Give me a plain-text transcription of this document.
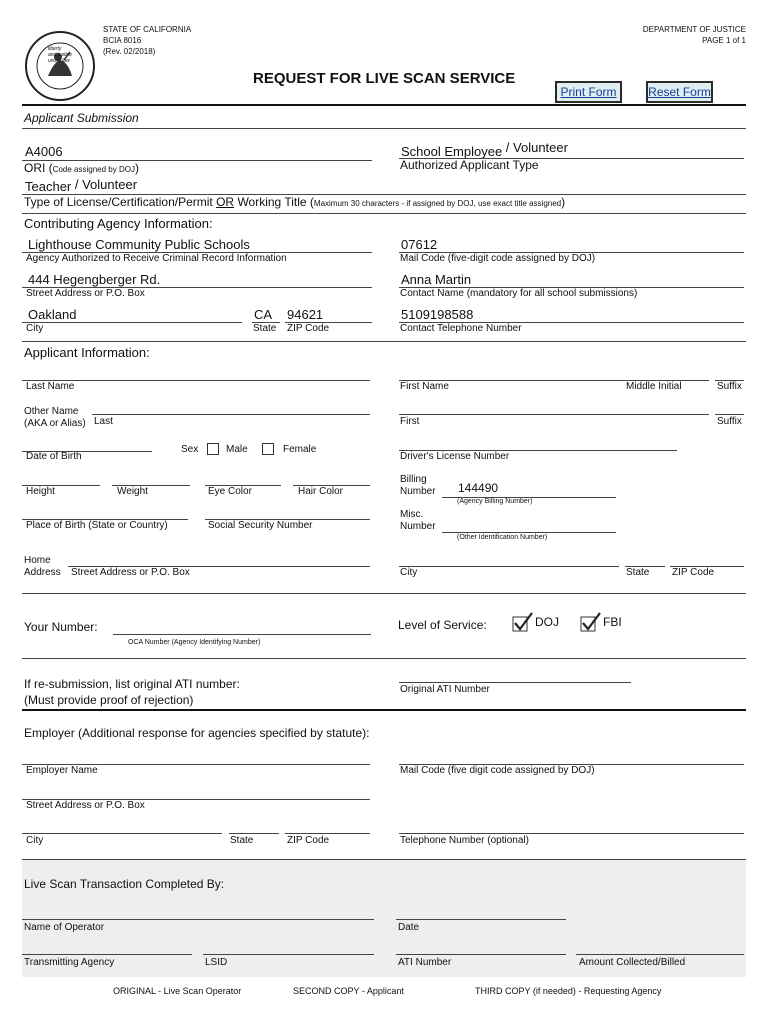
liberty
and justice
under law
STATE OF CALIFORNIA
BCIA 8016
(Rev. 02/2018)
DEPARTMENT OF JUSTICE
PAGE 1 of 1
REQUEST FOR LIVE SCAN SERVICE
Print Form	Reset Form
Applicant Submission
A4006
ORI (Code assigned by DOJ)
School Employee / Volunteer
Authorized Applicant Type
Teacher / Volunteer
Type of License/Certification/Permit OR Working Title (Maximum 30 characters - if assigned by DOJ, use exact title assigned)
Contributing Agency Information:
Lighthouse Community Public Schools
Agency Authorized to Receive Criminal Record Information
07612
Mail Code (five-digit code assigned by DOJ)
444 Hegengberger Rd.
Street Address or P.O. Box
Anna Martin
Contact Name (mandatory for all school submissions)
Oakland	CA 94621
City	State ZIP Code
5109198588
Contact Telephone Number
Applicant Information:
Last Name	First Name	Middle Initial	Suffix
Other Name
(AKA or Alias) Last	First	Suffix
Date of Birth
Sex	Male	Female
Driver's License Number
Height	Weight	Eye Color	Hair Color
Billing
Number 144490
(Agency Billing Number)
Place of Birth (State or Country)	Social Security Number
Misc.
Number
(Other Identification Number)
Home
Address Street Address or P.O. Box	City	State ZIP Code
Your Number:
OCA Number (Agency Identifying Number)
Level of Service:	DOJ	FBI
If re-submission, list original ATI number:
(Must provide proof of rejection)
Original ATI Number
Employer (Additional response for agencies specified by statute):
Employer Name	Mail Code (five digit code assigned by DOJ)
Street Address or P.O. Box
City	State	ZIP Code	Telephone Number (optional)
Live Scan Transaction Completed By:
Name of Operator	Date
Transmitting Agency	LSID	ATI Number	Amount Collected/Billed
ORIGINAL - Live Scan Operator	SECOND COPY - Applicant	THIRD COPY (if needed) - Requesting Agency
